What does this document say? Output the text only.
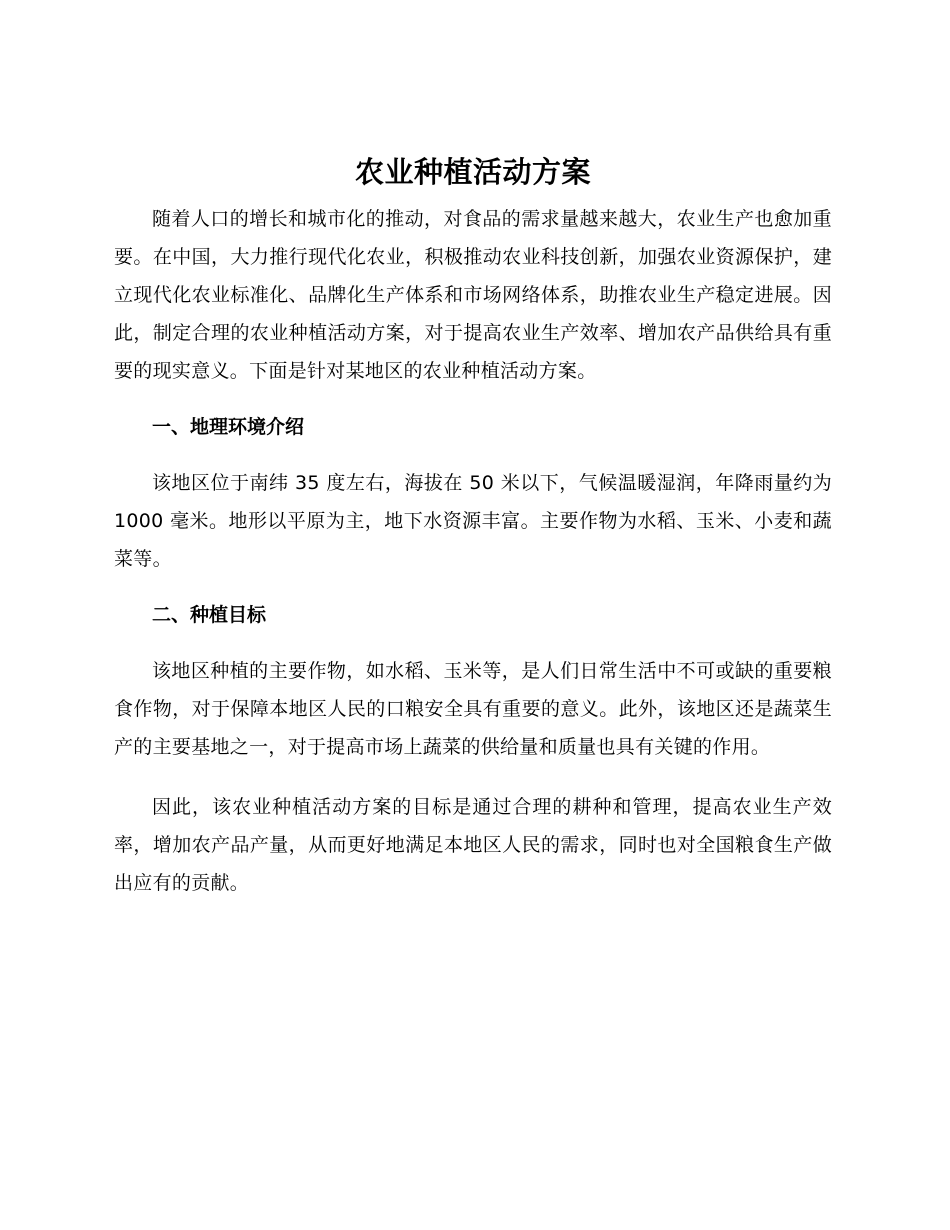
农业种植活动方案

随着人口的增长和城市化的推动，对食品的需求量越来越大，农业生产也愈加重要。在中国，大力推行现代化农业，积极推动农业科技创新，加强农业资源保护，建立现代化农业标准化、品牌化生产体系和市场网络体系，助推农业生产稳定进展。因此，制定合理的农业种植活动方案，对于提高农业生产效率、增加农产品供给具有重要的现实意义。下面是针对某地区的农业种植活动方案。

一、地理环境介绍

该地区位于南纬 35 度左右，海拔在 50 米以下，气候温暖湿润，年降雨量约为 1000 毫米。地形以平原为主，地下水资源丰富。主要作物为水稻、玉米、小麦和蔬菜等。

二、种植目标

该地区种植的主要作物，如水稻、玉米等，是人们日常生活中不可或缺的重要粮食作物，对于保障本地区人民的口粮安全具有重要的意义。此外，该地区还是蔬菜生产的主要基地之一，对于提高市场上蔬菜的供给量和质量也具有关键的作用。

因此，该农业种植活动方案的目标是通过合理的耕种和管理，提高农业生产效率，增加农产品产量，从而更好地满足本地区人民的需求，同时也对全国粮食生产做出应有的贡献。
